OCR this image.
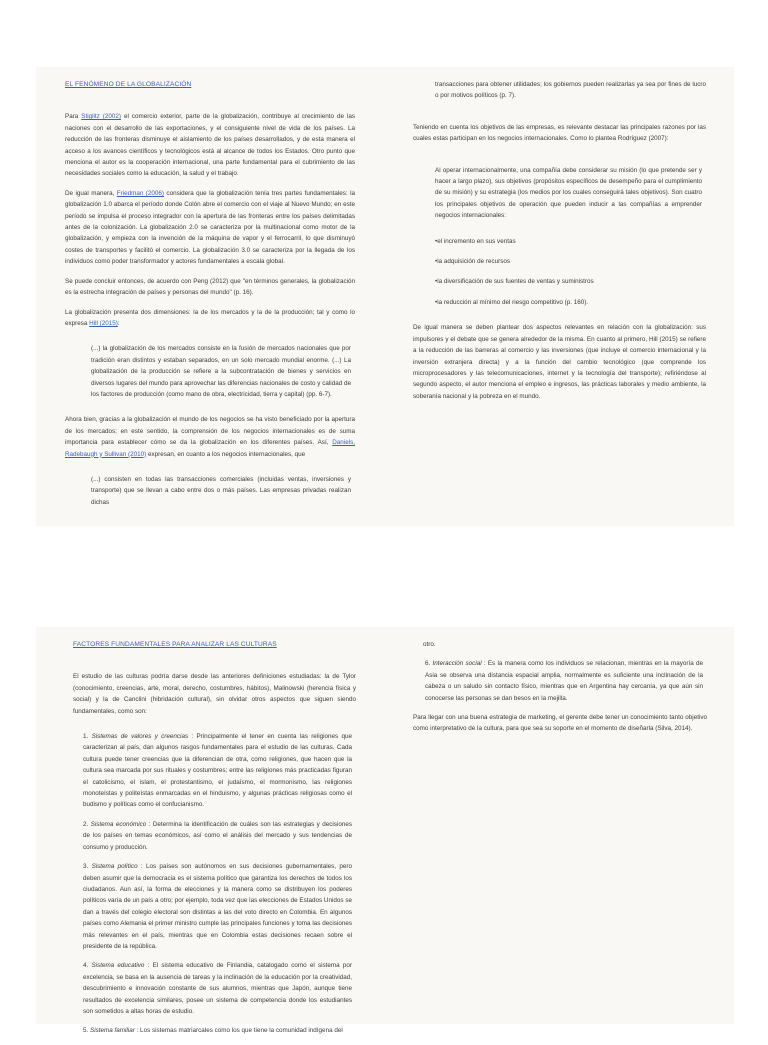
EL FENÓMENO DE LA GLOBALIZACIÓN

Para Stiglitz (2002) el comercio exterior, parte de la globalización, contribuye al crecimiento de las naciones con el desarrollo de las exportaciones, y el consiguiente nivel de vida de los países. La reducción de las fronteras disminuye el aislamiento de los países desarrollados, y de esta manera el acceso a los avances científicos y tecnológicos está al alcance de todos los Estados. Otro punto que menciona el autor es la cooperación internacional, una parte fundamental para el cubrimiento de las necesidades sociales como la educación, la salud y el trabajo.

De igual manera, Friedman (2006) considera que la globalización tenía tres partes fundamentales: la globalización 1.0 abarca el período donde Colón abre el comercio con el viaje al Nuevo Mundo; en este período se impulsa el proceso integrador con la apertura de las fronteras entre los países delimitadas antes de la colonización. La globalización 2.0 se caracteriza por la multinacional como motor de la globalización, y empieza con la invención de la máquina de vapor y el ferrocarril, lo que disminuyó costes de transportes y facilitó el comercio. La globalización 3.0 se caracteriza por la llegada de los individuos como poder transformador y actores fundamentales a escala global.

Se puede concluir entonces, de acuerdo con Peng (2012) que "en términos generales, la globalización es la estrecha integración de países y personas del mundo" (p. 16).

La globalización presenta dos dimensiones: la de los mercados y la de la producción; tal y como lo expresa Hill (2015):

(...) la globalización de los mercados consiste en la fusión de mercados nacionales que por tradición eran distintos y estaban separados, en un solo mercado mundial enorme. (...) La globalización de la producción se refiere a la subcontratación de bienes y servicios en diversos lugares del mundo para aprovechar las diferencias nacionales de costo y calidad de los factores de producción (como mano de obra, electricidad, tierra y capital) (pp. 6-7).

Ahora bien, gracias a la globalización el mundo de los negocios se ha visto beneficiado por la apertura de los mercados; en este sentido, la comprensión de los negocios internacionales es de suma importancia para establecer cómo se da la globalización en los diferentes países. Así, Daniels, Radebaugh y Sullivan (2010) expresan, en cuanto a los negocios internacionales, que

(...) consisten en todas las transacciones comerciales (incluidas ventas, inversiones y transporte) que se llevan a cabo entre dos o más países. Las empresas privadas realizan dichas

transacciones para obtener utilidades; los gobiernos pueden realizarlas ya sea por fines de lucro o por motivos políticos (p. 7).

Teniendo en cuenta los objetivos de las empresas, es relevante destacar las principales razones por las cuales estas participan en los negocios internacionales. Como lo plantea Rodríguez (2007):

Al operar internacionalmente, una compañía debe considerar su misión (lo que pretende ser y hacer a largo plazo), sus objetivos (propósitos específicos de desempeño para el cumplimiento de su misión) y su estrategia (los medios por los cuales conseguirá tales objetivos). Son cuatro los principales objetivos de operación que pueden inducir a las compañías a emprender negocios internacionales:

•el incremento en sus ventas
•la adquisición de recursos
•la diversificación de sus fuentes de ventas y suministros
•la reducción al mínimo del riesgo competitivo (p. 160).

De igual manera se deben plantear dos aspectos relevantes en relación con la globalización: sus impulsores y el debate que se genera alrededor de la misma. En cuanto al primero, Hill (2015) se refiere a la reducción de las barreras al comercio y las inversiones (que incluye el comercio internacional y la inversión extranjera directa) y a la función del cambio tecnológico (que comprende los microprocesadores y las telecomunicaciones, internet y la tecnología del transporte); refiriéndose al segundo aspecto, el autor menciona el empleo e ingresos, las prácticas laborales y medio ambiente, la soberanía nacional y la pobreza en el mundo.

FACTORES FUNDAMENTALES PARA ANALIZAR LAS CULTURAS

El estudio de las culturas podría darse desde las anteriores definiciones estudiadas: la de Tylor (conocimiento, creencias, arte, moral, derecho, costumbres, hábitos), Malinowski (herencia física y social) y la de Canclini (hibridación cultural), sin olvidar otros aspectos que siguen siendo fundamentales, como son:

1. Sistemas de valores y creencias : Principalmente el tener en cuenta las religiones que caracterizan al país, dan algunos rasgos fundamentales para el estudio de las culturas. Cada cultura puede tener creencias que la diferencian de otra, como religiones, que hacen que la cultura sea marcada por sus rituales y costumbres; entre las religiones más practicadas figuran el catolicismo, el islam, el protestantismo, el judaísmo, el mormonismo, las religiones monoteístas y politeístas enmarcadas en el hinduismo, y algunas prácticas religiosas como el budismo y políticas como el confucianismo.

2. Sistema económico : Determina la identificación de cuáles son las estrategias y decisiones de los países en temas económicos, así como el análisis del mercado y sus tendencias de consumo y producción.

3. Sistema político : Los países son autónomos en sus decisiones gubernamentales, pero deben asumir que la democracia es el sistema político que garantiza los derechos de todos los ciudadanos. Aun así, la forma de elecciones y la manera como se distribuyen los poderes políticos varía de un país a otro; por ejemplo, toda vez que las elecciones de Estados Unidos se dan a través del colegio electoral son distintas a las del voto directo en Colombia. En algunos países como Alemania el primer ministro cumple las principales funciones y toma las decisiones más relevantes en el país, mientras que en Colombia estas decisiones recaen sobre el presidente de la república.

4. Sistema educativo : El sistema educativo de Finlandia, catalogado como el sistema por excelencia, se basa en la ausencia de tareas y la inclinación de la educación por la creatividad, descubrimiento e innovación constante de sus alumnos, mientras que Japón, aunque tiene resultados de excelencia similares, posee un sistema de competencia donde los estudiantes son sometidos a altas horas de estudio.

5. Sistema familiar : Los sistemas matriarcales como los que tiene la comunidad indígena del

otro.

6. Interacción social : Es la manera como los individuos se relacionan, mientras en la mayoría de Asia se observa una distancia espacial amplia, normalmente es suficiente una inclinación de la cabeza o un saludo sin contacto físico, mientras que en Argentina hay cercanía, ya que aún sin conocerse las personas se dan besos en la mejilla.

Para llegar con una buena estrategia de marketing, el gerente debe tener un conocimiento tanto objetivo como interpretativo de la cultura, para que sea su soporte en el momento de diseñarla (Silva, 2014).
